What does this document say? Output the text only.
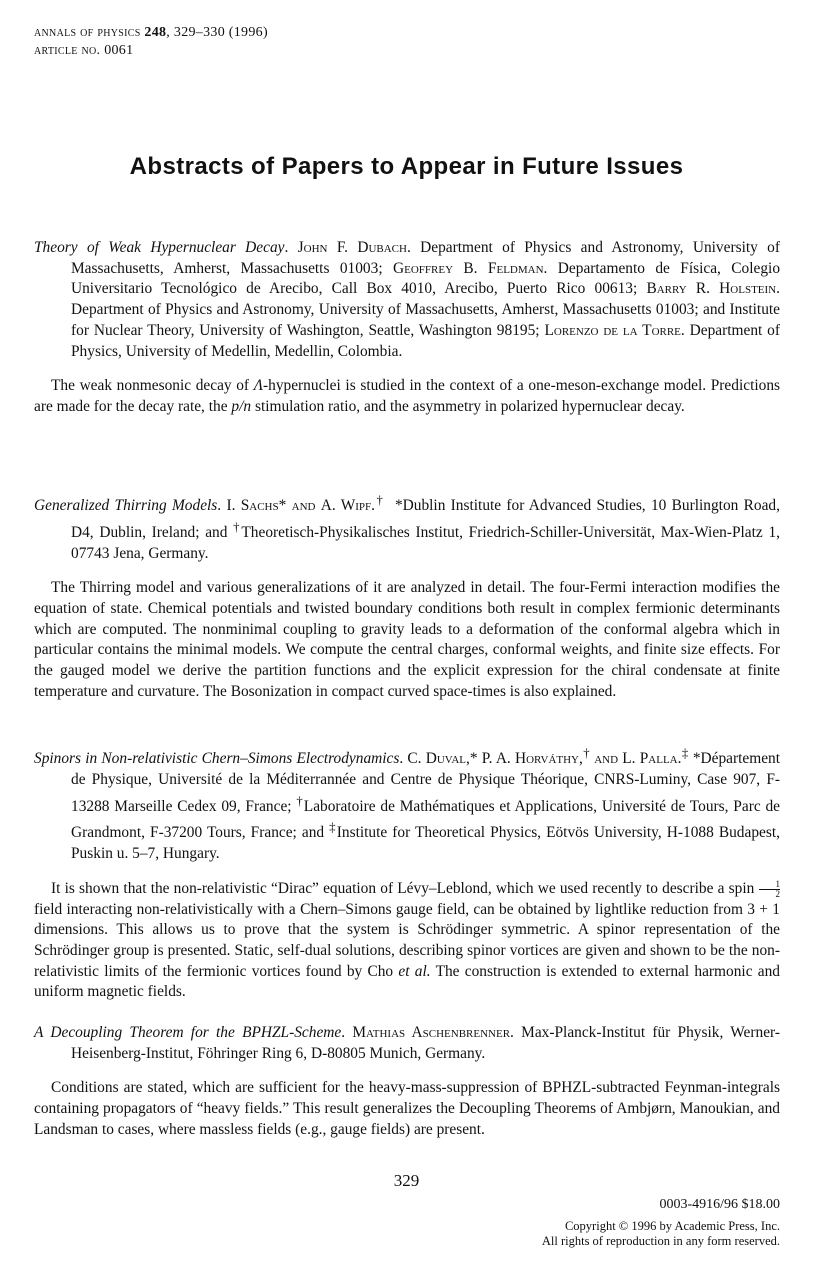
annals of physics 248, 329–330 (1996)
article no. 0061
Abstracts of Papers to Appear in Future Issues

Theory of Weak Hypernuclear Decay. John F. Dubach. Department of Physics and Astronomy, University of Massachusetts, Amherst, Massachusetts 01003; Geoffrey B. Feldman. Departamento de Física, Colegio Universitario Tecnológico de Arecibo, Call Box 4010, Arecibo, Puerto Rico 00613; Barry R. Holstein. Department of Physics and Astronomy, University of Massachusetts, Amherst, Massachusetts 01003; and Institute for Nuclear Theory, University of Washington, Seattle, Washington 98195; Lorenzo de la Torre. Department of Physics, University of Medellin, Medellin, Colombia.

The weak nonmesonic decay of Λ-hypernuclei is studied in the context of a one-meson-exchange model. Predictions are made for the decay rate, the p/n stimulation ratio, and the asymmetry in polarized hypernuclear decay.

Generalized Thirring Models. I. Sachs* and A. Wipf.† *Dublin Institute for Advanced Studies, 10 Burlington Road, D4, Dublin, Ireland; and †Theoretisch-Physikalisches Institut, Friedrich-Schiller-Universität, Max-Wien-Platz 1, 07743 Jena, Germany.

The Thirring model and various generalizations of it are analyzed in detail. The four-Fermi interaction modifies the equation of state. Chemical potentials and twisted boundary conditions both result in complex fermionic determinants which are computed. The nonminimal coupling to gravity leads to a deformation of the conformal algebra which in particular contains the minimal models. We compute the central charges, conformal weights, and finite size effects. For the gauged model we derive the partition functions and the explicit expression for the chiral condensate at finite temperature and curvature. The Bosonization in compact curved space-times is also explained.

Spinors in Non-relativistic Chern–Simons Electrodynamics. C. Duval,* P. A. Horváthy,† and L. Palla.‡ *Département de Physique, Université de la Méditerrannée and Centre de Physique Théorique, CNRS-Luminy, Case 907, F-13288 Marseille Cedex 09, France; †Laboratoire de Mathématiques et Applications, Université de Tours, Parc de Grandmont, F-37200 Tours, France; and ‡Institute for Theoretical Physics, Eötvös University, H-1088 Budapest, Puskin u. 5–7, Hungary.

It is shown that the non-relativistic “Dirac” equation of Lévy–Leblond, which we used recently to describe a spin $\frac{1}{2}$
field interacting non-relativistically with a Chern–Simons gauge field, can be obtained by lightlike reduction from 3 + 1 dimensions. This allows us to prove that the system is Schrödinger symmetric. A spinor representation of the Schrödinger group is presented. Static, self-dual solutions, describing spinor vortices are given and shown to be the non-relativistic limits of the fermionic vortices found by Cho et al. The construction is extended to external harmonic and uniform magnetic fields.

A Decoupling Theorem for the BPHZL-Scheme. Mathias Aschenbrenner. Max-Planck-Institut für Physik, Werner-Heisenberg-Institut, Föhringer Ring 6, D-80805 Munich, Germany.

Conditions are stated, which are sufficient for the heavy-mass-suppression of BPHZL-subtracted Feynman-integrals containing propagators of “heavy fields.” This result generalizes the Decoupling Theorems of Ambjørn, Manoukian, and Landsman to cases, where massless fields (e.g., gauge fields) are present.

329
0003-4916/96 $18.00
Copyright © 1996 by Academic Press, Inc.
All rights of reproduction in any form reserved.
